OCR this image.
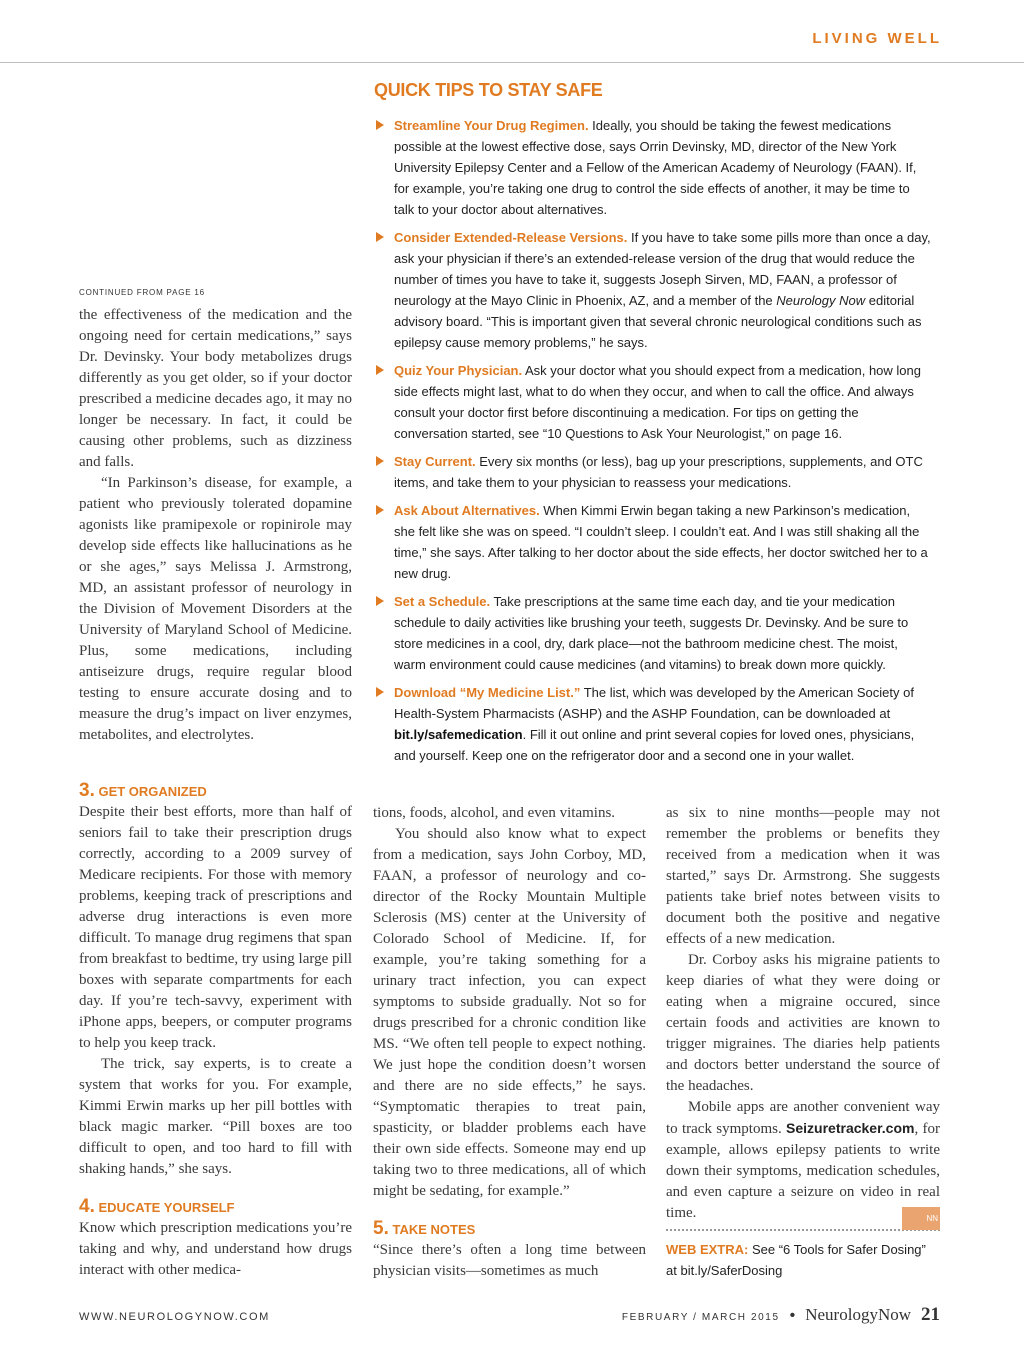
LIVING WELL
QUICK TIPS TO STAY SAFE
Streamline Your Drug Regimen. Ideally, you should be taking the fewest medications possible at the lowest effective dose, says Orrin Devinsky, MD, director of the New York University Epilepsy Center and a Fellow of the American Academy of Neurology (FAAN). If, for example, you’re taking one drug to control the side effects of another, it may be time to talk to your doctor about alternatives.
Consider Extended-Release Versions. If you have to take some pills more than once a day, ask your physician if there’s an extended-release version of the drug that would reduce the number of times you have to take it, suggests Joseph Sirven, MD, FAAN, a professor of neurology at the Mayo Clinic in Phoenix, AZ, and a member of the Neurology Now editorial advisory board. “This is important given that several chronic neurological conditions such as epilepsy cause memory problems,” he says.
Quiz Your Physician. Ask your doctor what you should expect from a medication, how long side effects might last, what to do when they occur, and when to call the office. And always consult your doctor first before discontinuing a medication. For tips on getting the conversation started, see “10 Questions to Ask Your Neurologist,” on page 16.
Stay Current. Every six months (or less), bag up your prescriptions, supplements, and OTC items, and take them to your physician to reassess your medications.
Ask About Alternatives. When Kimmi Erwin began taking a new Parkinson’s medication, she felt like she was on speed. “I couldn’t sleep. I couldn’t eat. And I was still shaking all the time,” she says. After talking to her doctor about the side effects, her doctor switched her to a new drug.
Set a Schedule. Take prescriptions at the same time each day, and tie your medication schedule to daily activities like brushing your teeth, suggests Dr. Devinsky. And be sure to store medicines in a cool, dry, dark place—not the bathroom medicine chest. The moist, warm environment could cause medicines (and vitamins) to break down more quickly.
Download “My Medicine List.” The list, which was developed by the American Society of Health-System Pharmacists (ASHP) and the ASHP Foundation, can be downloaded at bit.ly/safemedication. Fill it out online and print several copies for loved ones, physicians, and yourself. Keep one on the refrigerator door and a second one in your wallet.

CONTINUED FROM PAGE 16

the effectiveness of the medication and the ongoing need for certain medications,” says Dr. Devinsky. Your body metabolizes drugs differently as you get older, so if your doctor prescribed a medicine decades ago, it may no longer be necessary. In fact, it could be causing other problems, such as dizziness and falls.

“In Parkinson’s disease, for example, a patient who previously tolerated dopamine agonists like pramipexole or ropinirole may develop side effects like hallucinations as he or she ages,” says Melissa J. Armstrong, MD, an assistant professor of neurology in the Division of Movement Disorders at the University of Maryland School of Medicine. Plus, some medications, including antiseizure drugs, require regular blood testing to ensure accurate dosing and to measure the drug’s impact on liver enzymes, metabolites, and electrolytes.

3. GET ORGANIZED

Despite their best efforts, more than half of seniors fail to take their prescription drugs correctly, according to a 2009 survey of Medicare recipients. For those with memory problems, keeping track of prescriptions and adverse drug interactions is even more difficult. To manage drug regimens that span from breakfast to bedtime, try using large pill boxes with separate compartments for each day. If you’re tech-savvy, experiment with iPhone apps, beepers, or computer programs to help you keep track.

The trick, say experts, is to create a system that works for you. For example, Kimmi Erwin marks up her pill bottles with black magic marker. “Pill boxes are too difficult to open, and too hard to fill with shaking hands,” she says.

4. EDUCATE YOURSELF

Know which prescription medications you’re taking and why, and understand how drugs interact with other medica-

tions, foods, alcohol, and even vitamins.

You should also know what to expect from a medication, says John Corboy, MD, FAAN, a professor of neurology and co-director of the Rocky Mountain Multiple Sclerosis (MS) center at the University of Colorado School of Medicine. If, for example, you’re taking something for a urinary tract infection, you can expect symptoms to subside gradually. Not so for drugs prescribed for a chronic condition like MS. “We often tell people to expect nothing. We just hope the condition doesn’t worsen and there are no side effects,” he says. “Symptomatic therapies to treat pain, spasticity, or bladder problems each have their own side effects. Someone may end up taking two to three medications, all of which might be sedating, for example.”

5. TAKE NOTES

“Since there’s often a long time between physician visits—sometimes as much

as six to nine months—people may not remember the problems or benefits they received from a medication when it was started,” says Dr. Armstrong. She suggests patients take brief notes between visits to document both the positive and negative effects of a new medication.

Dr. Corboy asks his migraine patients to keep diaries of what they were doing or eating when a migraine occured, since certain foods and activities are known to trigger migraines. The diaries help patients and doctors better understand the source of the headaches.

Mobile apps are another convenient way to track symptoms. Seizuretracker.com, for example, allows epilepsy patients to write down their symptoms, medication schedules, and even capture a seizure on video in real time.	NN

WEB EXTRA: See “6 Tools for Safer Dosing” at bit.ly/SaferDosing

WWW.NEUROLOGYNOW.COM	FEBRUARY / MARCH 2015 • NeurologyNow 21
